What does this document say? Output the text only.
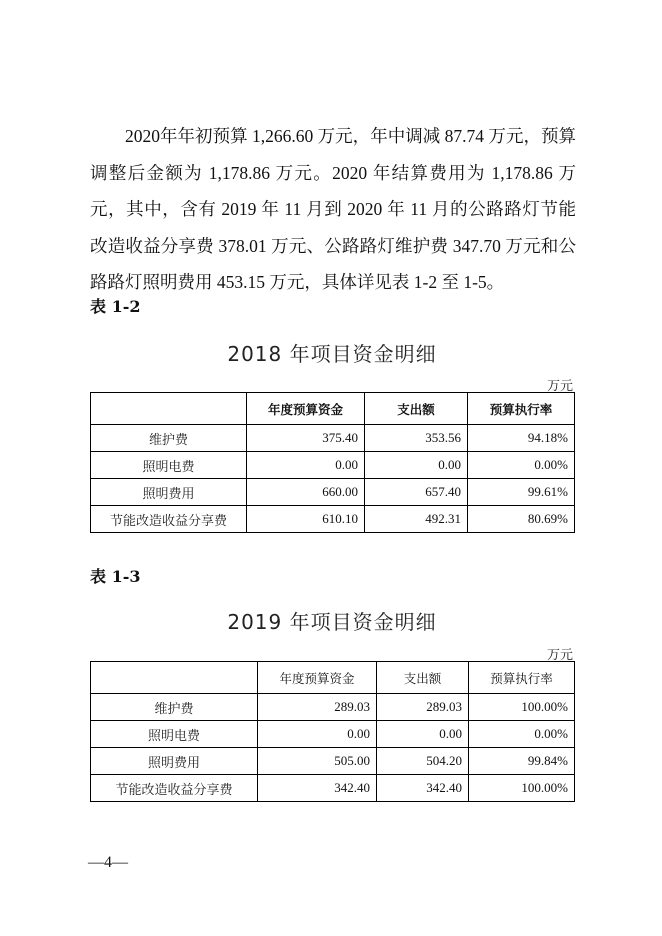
2020年年初预算 1,266.60 万元，年中调减 87.74 万元，预算调整后金额为 1,178.86 万元。2020 年结算费用为 1,178.86 万元，其中，含有 2019 年 11 月到 2020 年 11 月的公路路灯节能改造收益分享费 378.01 万元、公路路灯维护费 347.70 万元和公路路灯照明费用 453.15 万元，具体详见表 1-2 至 1-5。

表 1-2
2018 年项目资金明细
万元
	年度预算资金	支出额	预算执行率
维护费	375.40	353.56	94.18%
照明电费	0.00	0.00	0.00%
照明费用	660.00	657.40	99.61%
节能改造收益分享费	610.10	492.31	80.69%
表 1-3
2019 年项目资金明细
万元
	年度预算资金	支出额	预算执行率
维护费	289.03	289.03	100.00%
照明电费	0.00	0.00	0.00%
照明费用	505.00	504.20	99.84%
节能改造收益分享费	342.40	342.40	100.00%
—4—
